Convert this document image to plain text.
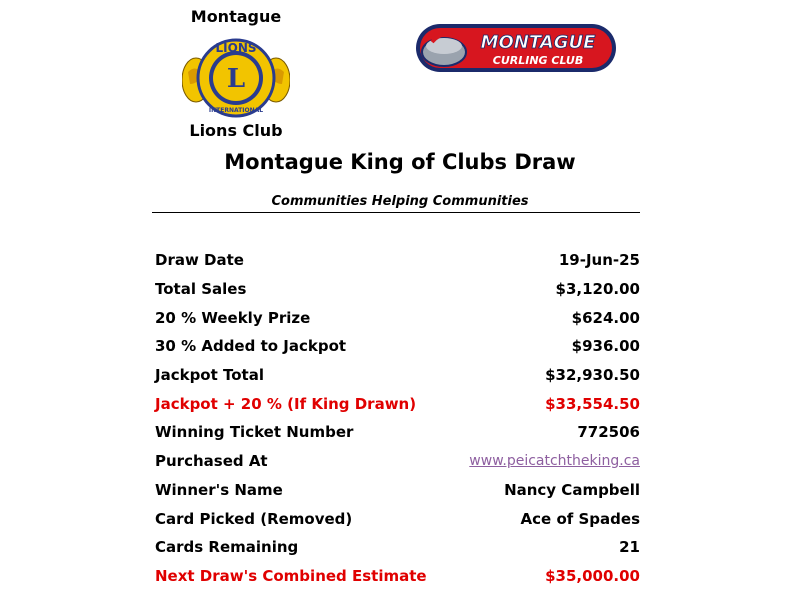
Montague
LIONS
L
INTERNATIONAL
Lions Club
MONTAGUE
CURLING CLUB
Montague King of Clubs Draw
Communities Helping Communities
Draw Date	19-Jun-25
Total Sales	$3,120.00
20 % Weekly Prize	$624.00
30 % Added to Jackpot	$936.00
Jackpot Total	$32,930.50
Jackpot + 20 % (If King Drawn)	$33,554.50
Winning Ticket Number	772506
Purchased At	www.peicatchtheking.ca
Winner's Name	Nancy Campbell
Card Picked (Removed)	Ace of Spades
Cards Remaining	21
Next Draw's Combined Estimate	$35,000.00
